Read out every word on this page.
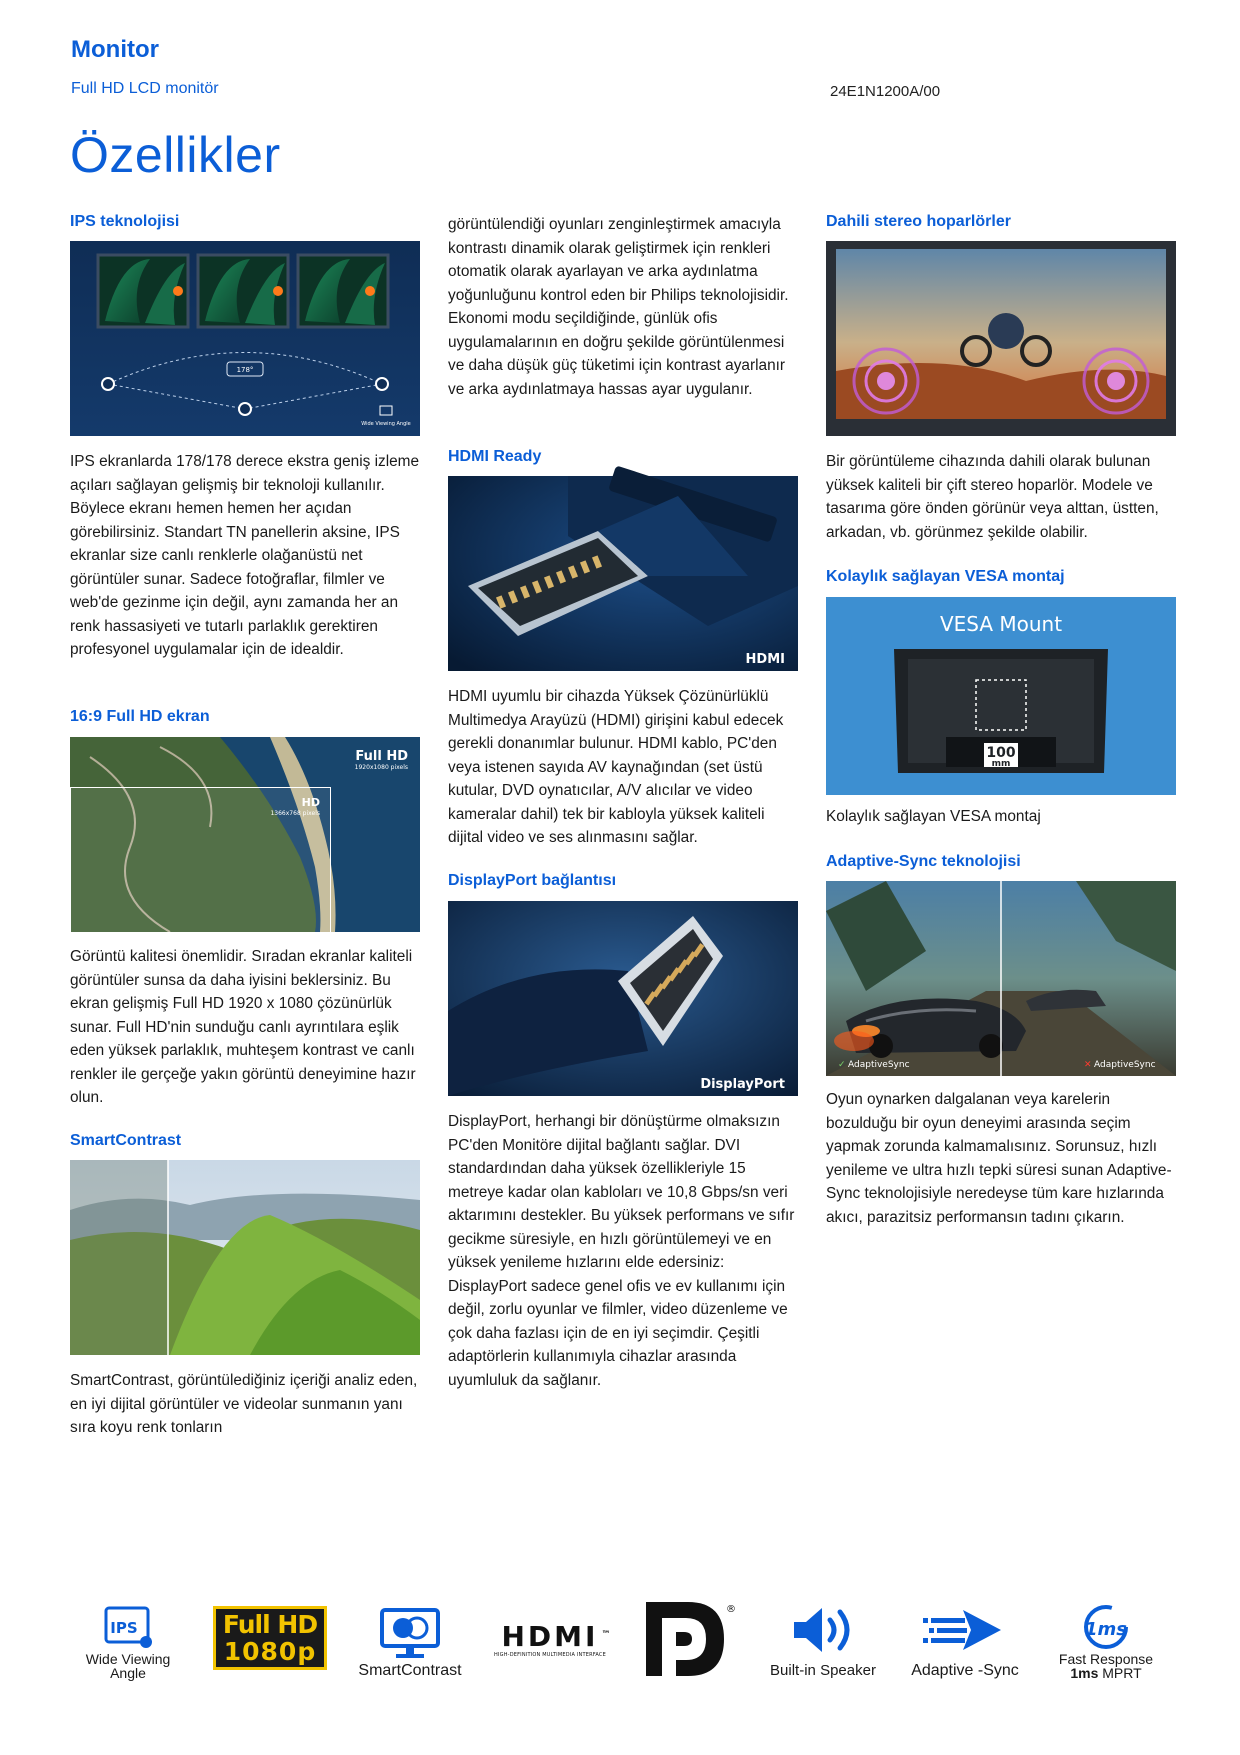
Monitor
Full HD LCD monitör	24E1N1200A/00
Özellikler
IPS teknolojisi
178°
Wide Viewing Angle

IPS ekranlarda 178/178 derece ekstra geniş izleme açıları sağlayan gelişmiş bir teknoloji kullanılır. Böylece ekranı hemen hemen her açıdan görebilirsiniz. Standart TN panellerin aksine, IPS ekranlar size canlı renklerle olağanüstü net görüntüler sunar. Sadece fotoğraflar, filmler ve web'de gezinme için değil, aynı zamanda her an renk hassasiyeti ve tutarlı parlaklık gerektiren profesyonel uygulamalar için de idealdir.

16:9 Full HD ekran
Full HD
1920x1080 pixels
HD
1366x768 pixels

Görüntü kalitesi önemlidir. Sıradan ekranlar kaliteli görüntüler sunsa da daha iyisini beklersiniz. Bu ekran gelişmiş Full HD 1920 x 1080 çözünürlük sunar. Full HD'nin sunduğu canlı ayrıntılara eşlik eden yüksek parlaklık, muhteşem kontrast ve canlı renkler ile gerçeğe yakın görüntü deneyimine hazır olun.

SmartContrast

SmartContrast, görüntülediğiniz içeriği analiz eden, en iyi dijital görüntüler ve videolar sunmanın yanı sıra koyu renk tonların

görüntülendiği oyunları zenginleştirmek amacıyla kontrastı dinamik olarak geliştirmek için renkleri otomatik olarak ayarlayan ve arka aydınlatma yoğunluğunu kontrol eden bir Philips teknolojisidir. Ekonomi modu seçildiğinde, günlük ofis uygulamalarının en doğru şekilde görüntülenmesi ve daha düşük güç tüketimi için kontrast ayarlanır ve arka aydınlatmaya hassas ayar uygulanır.

HDMI Ready
HDMI

HDMI uyumlu bir cihazda Yüksek Çözünürlüklü Multimedya Arayüzü (HDMI) girişini kabul edecek gerekli donanımlar bulunur. HDMI kablo, PC'den veya istenen sayıda AV kaynağından (set üstü kutular, DVD oynatıcılar, A/V alıcılar ve video kameralar dahil) tek bir kabloyla yüksek kaliteli dijital video ve ses alınmasını sağlar.

DisplayPort bağlantısı
DisplayPort

DisplayPort, herhangi bir dönüştürme olmaksızın PC'den Monitöre dijital bağlantı sağlar. DVI standardından daha yüksek özellikleriyle 15 metreye kadar olan kabloları ve 10,8 Gbps/sn veri aktarımını destekler. Bu yüksek performans ve sıfır gecikme süresiyle, en hızlı görüntülemeyi ve en yüksek yenileme hızlarını elde edersiniz: DisplayPort sadece genel ofis ve ev kullanımı için değil, zorlu oyunlar ve filmler, video düzenleme ve çok daha fazlası için de en iyi seçimdir. Çeşitli adaptörlerin kullanımıyla cihazlar arasında uyumluluk da sağlanır.

Dahili stereo hoparlörler

Bir görüntüleme cihazında dahili olarak bulunan yüksek kaliteli bir çift stereo hoparlör. Modele ve tasarıma göre önden görünür veya alttan, üstten, arkadan, vb. görünmez şekilde olabilir.

Kolaylık sağlayan VESA montaj
VESA Mount
100
mm

Kolaylık sağlayan VESA montaj

Adaptive-Sync teknolojisi
✓ AdaptiveSync	✕ AdaptiveSync

Oyun oynarken dalgalanan veya karelerin bozulduğu bir oyun deneyimi arasında seçim yapmak zorunda kalmamalısınız. Sorunsuz, hızlı yenileme ve ultra hızlı tepki süresi sunan Adaptive-Sync teknolojisiyle neredeyse tüm kare hızlarında akıcı, parazitsiz performansın tadını çıkarın.

IPS
Wide Viewing
Angle
Full HD
1080p
SmartContrast
HDMI ™
HIGH-DEFINITION MULTIMEDIA INTERFACE
®
Built-in Speaker Adaptive -Sync
1ms
Fast Response
1ms MPRT
